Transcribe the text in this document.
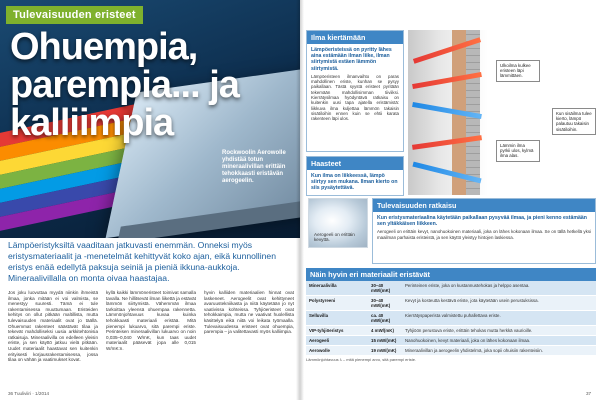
Tulevaisuuden eristeet
Ohuempia,
parempia... ja
kalliimpia
Rockwoolin Aerowolle yhdistää totun mineraalivillan erittäin tehokkaasti eristävän aerogeelin.
Lämpöeristyksiltä vaaditaan jatkuvasti enemmän. Onneksi myös eristysmateriaalit ja -menetelmät kehittyvät koko ajan, eikä kunnollinen eristys enää edellytä paksuja seiniä ja pieniä ikkuna-aukkoja. Mineraalivillalla on monta oivaa haastajaa.
Jos joku luovuttaa myydä niinkin ihmeistä ilmaa, jonka mitään ei voi valmista, se menestyy suuresti. Tämä ei tule rakentamisessa muuttumaan. Eristeiden kehitys on ollut pitkään maltillista, mutta tulevaisuuden materiaalit ovat jo täällä. Ohuemmat rakenteet säästävät tilaa ja tekevät mahdolliseksi uusia arkkitehtonisia ratkaisuja. Mineraalivilla on edelleen yleisin eriste, ja sen käyttö jatkuu vielä pitkään. Uudet materiaalit haastavat sen kuitenkin erityisesti korjausrakentamisessa, jossa tilaa on vähän ja vaatimukset kovat.
kyllä kaikki lämmöneristeet toimivat samalla tavalla. Ne hillitsevät ilman liikettä ja estävät lämmön siirtymistä. Vähemmän ilmaa tarkoittaa yleensä ohuempaa rakennetta. Lämmönjohtavuus kuvaa kuinka tehokkaasti materiaali eristää. Mitä pienempi lukuarvo, sitä parempi eriste. Perinteisen mineraalivillan lukuarvo on noin 0,035–0,040 W/mK, kun taas uudet materiaalit pääsevät jopa alle 0,015 W/mK:n.
hyvin kalliiden materiaalien hinnat ovat laskeneet. Aerogeelit ovat kehittyneet avaruustekniikasta ja niitä käytetään jo nyt vaativissa kohteissa. Tyhjiöeristeet ovat tehokkaimpia, mutta ne vaativat huolellista käsittelyä eikä niitä voi leikata työmaalla. Tulevaisuudessa eristeet ovat ohuempia, parempia – ja valitettavasti myös kalliimpia.
36 Tuuliviiri · 1/2014
Ulkoilma kulkee eristeen läpi lämmittäen.
Kun sisäilma tulee kierto, lämpö palautuu takaisin sisätiloihin.
Lämmin ilma pyrkii ulos, kylmä ilma alas.
Ilma kiertämään
Lämpöeristeissä on pyritty lähes aina estämään ilman liike, ilman siirtymistä estäen lämmön siirtymistä.
Lämpöeristeen ilmanvaihto on paras mahdollinen eriste, kunhan se pysyy paikallaan. Tästä syystä eristeet pyritään tekemään mahdollisimman tiiviiksi. Kierrätysilmaa hyödyntävä ratkaisu on kuitenkin uusi tapa ajatella eristämistä: liikkuva ilma kuljettaa lämmön takaisin sisätiloihin ennen kuin se ehtii karata rakenteen läpi ulos.
Haasteet
Kun ilma on liikkeessä, lämpö siirtyy sen mukana. Ilman kierto on siis pysäytettävä.
Aerogeeli on erittäin kevyttä.
Tulevaisuuden ratkaisu
Kun eristysmateriaalina käytetään paikallaan pysyvää ilmaa, ja pieni kenno estämään sen yltäkkäisen liikkeen.
Aerogeeli on erittäin kevyt, nanohuokoinen materiaali, joka on lähes kokonaan ilmaa. Se on tällä hetkellä yksi maailman parhaista eristeistä, ja sen käyttö yleistyy hintojen laskiessa.
Näin hyvin eri materiaalit eristävät
Mineraalivilla	30–40 mW/(mK)	Perinteinen eriste, joka on kustannustehokas ja helppo asentaa.
Polystyreeni	30–40 mW/(mK)	Kevyt ja kosteutta kestävä eriste, jota käytetään usein perustuksissa.
Selluvilla	ca. 40 mW/(mK)	Kierrätyspaperista valmistettu puhallettava eriste.
VIP-tyhjiöeristys	4 mW/(mK)	Tyhjiöön perustuva eriste, erittäin tehokas mutta herkkä vaurioille.
Aerogeeli	15 mW/(mK)	Nanohuokoinen, kevyt materiaali, joka on lähes kokonaan ilmaa.
Aerowolle	19 mW/(mK)	Mineraalivillan ja aerogeelin yhdistelmä, joka sopii ohuisiin rakenteisiin.
Lämmönjohtavuus λ – mitä pienempi arvo, sitä parempi eriste.
37
